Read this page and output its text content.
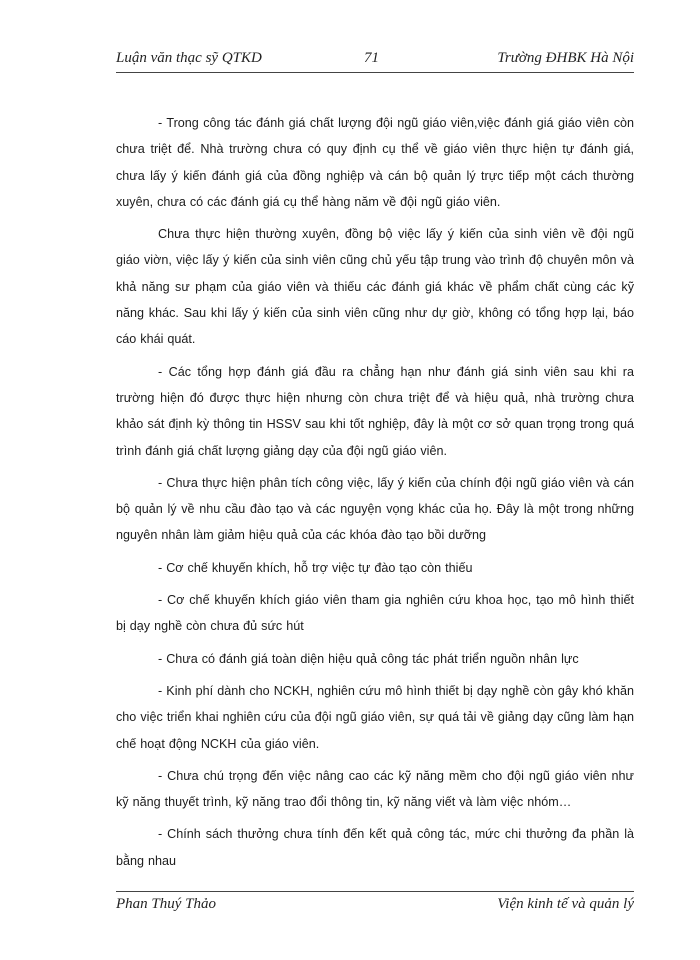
Luận văn thạc sỹ QTKD	71	Trường ĐHBK Hà Nội

- Trong công tác đánh giá chất lượng đội ngũ giáo viên,việc đánh giá giáo viên còn chưa triệt để. Nhà trường chưa có quy định cụ thể về giáo viên thực hiện tự đánh giá, chưa lấy ý kiến đánh giá của đồng nghiệp và cán bộ quản lý trực tiếp một cách thường xuyên, chưa có các đánh giá cụ thể hàng năm về đội ngũ giáo viên.

Chưa thực hiện thường xuyên, đồng bộ việc lấy ý kiến của sinh viên về đội ngũ giáo viờn, việc lấy ý kiến của sinh viên cũng chủ yếu tập trung vào trình độ chuyên môn và khả năng sư phạm của giáo viên và thiếu các đánh giá khác về phẩm chất cùng các kỹ năng khác. Sau khi lấy ý kiến của sinh viên cũng như dự giờ, không có tổng hợp lại, báo cáo khái quát.

- Các tổng hợp đánh giá đầu ra chẳng hạn như đánh giá sinh viên sau khi ra trường hiện đó được thực hiện nhưng còn chưa triệt để và hiệu quả, nhà trường chưa khảo sát định kỳ thông tin HSSV sau khi tốt nghiệp, đây là một cơ sở quan trọng trong quá trình đánh giá chất lượng giảng dạy của đội ngũ giáo viên.

- Chưa thực hiện phân tích công việc, lấy ý kiến của chính đội ngũ giáo viên và cán bộ quản lý về nhu cầu đào tạo và các nguyện vọng khác của họ. Đây là một trong những nguyên nhân làm giảm hiệu quả của các khóa đào tạo bồi dưỡng

- Cơ chế khuyến khích, hỗ trợ việc tự đào tạo còn thiếu

- Cơ chế khuyến khích giáo viên tham gia nghiên cứu khoa học, tạo mô hình thiết bị dạy nghề còn chưa đủ sức hút

- Chưa có đánh giá toàn diện hiệu quả công tác phát triển nguồn nhân lực

- Kinh phí dành cho NCKH, nghiên cứu mô hình thiết bị dạy nghề còn gây khó khăn cho việc triển khai nghiên cứu của đội ngũ giáo viên, sự quá tải về giảng dạy cũng làm hạn chế hoạt động NCKH của giáo viên.

- Chưa chú trọng đến việc nâng cao các kỹ năng mềm cho đội ngũ giáo viên như kỹ năng thuyết trình, kỹ năng trao đổi thông tin, kỹ năng viết và làm việc nhóm…

- Chính sách thưởng chưa tính đến kết quả công tác, mức chi thưởng đa phần là bằng nhau

Phan Thuý Thảo	Viện kinh tế và quản lý
